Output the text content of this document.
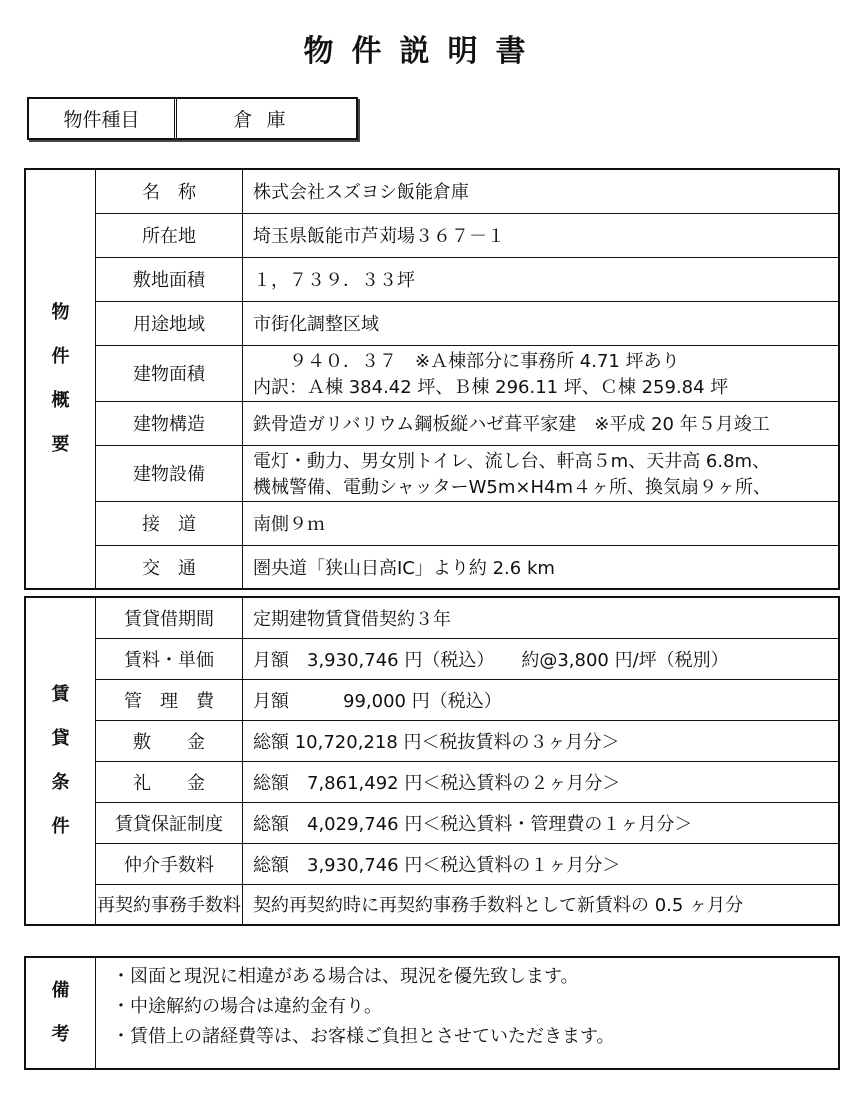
物件説明書
物件種目	倉庫
物
件
概
要	名　称	株式会社スズヨシ飯能倉庫

	所在地	埼玉県飯能市芦苅場３６７－１

	敷地面積	１，７３９．３３坪

	用途地域	市街化調整区域

	建物面積	　　９４０．３７　※Ａ棟部分に事務所 4.71 坪あり
内訳：Ａ棟 384.42 坪、Ｂ棟 296.11 坪、Ｃ棟 259.84 坪

	建物構造	鉄骨造ガリバリウム鋼板縦ハゼ葺平家建　※平成 20 年５月竣工

	建物設備	電灯・動力、男女別トイレ、流し台、軒高５m、天井高 6.8m、
機械警備、電動シャッターW5m×H4m４ヶ所、換気扇９ヶ所、

	接　道	南側９ｍ

	交　通	圏央道「狭山日高IC」より約 2.6 km
賃
貸
条
件	賃貸借期間	定期建物賃貸借契約３年
	賃料・単価	月額　3,930,746 円（税込）　　約@3,800 円/坪（税別）
	管　理　費	月額　　　99,000 円（税込）
	敷　　金	総額 10,720,218 円＜税抜賃料の３ヶ月分＞
	礼　　金	総額　7,861,492 円＜税込賃料の２ヶ月分＞
	賃貸保証制度	総額　4,029,746 円＜税込賃料・管理費の１ヶ月分＞
	仲介手数料	総額　3,930,746 円＜税込賃料の１ヶ月分＞
	再契約事務手数料	契約再契約時に再契約事務手数料として新賃料の 0.5 ヶ月分
備
考

・図面と現況に相違がある場合は、現況を優先致します。
・中途解約の場合は違約金有り。
・賃借上の諸経費等は、お客様ご負担とさせていただきます。
